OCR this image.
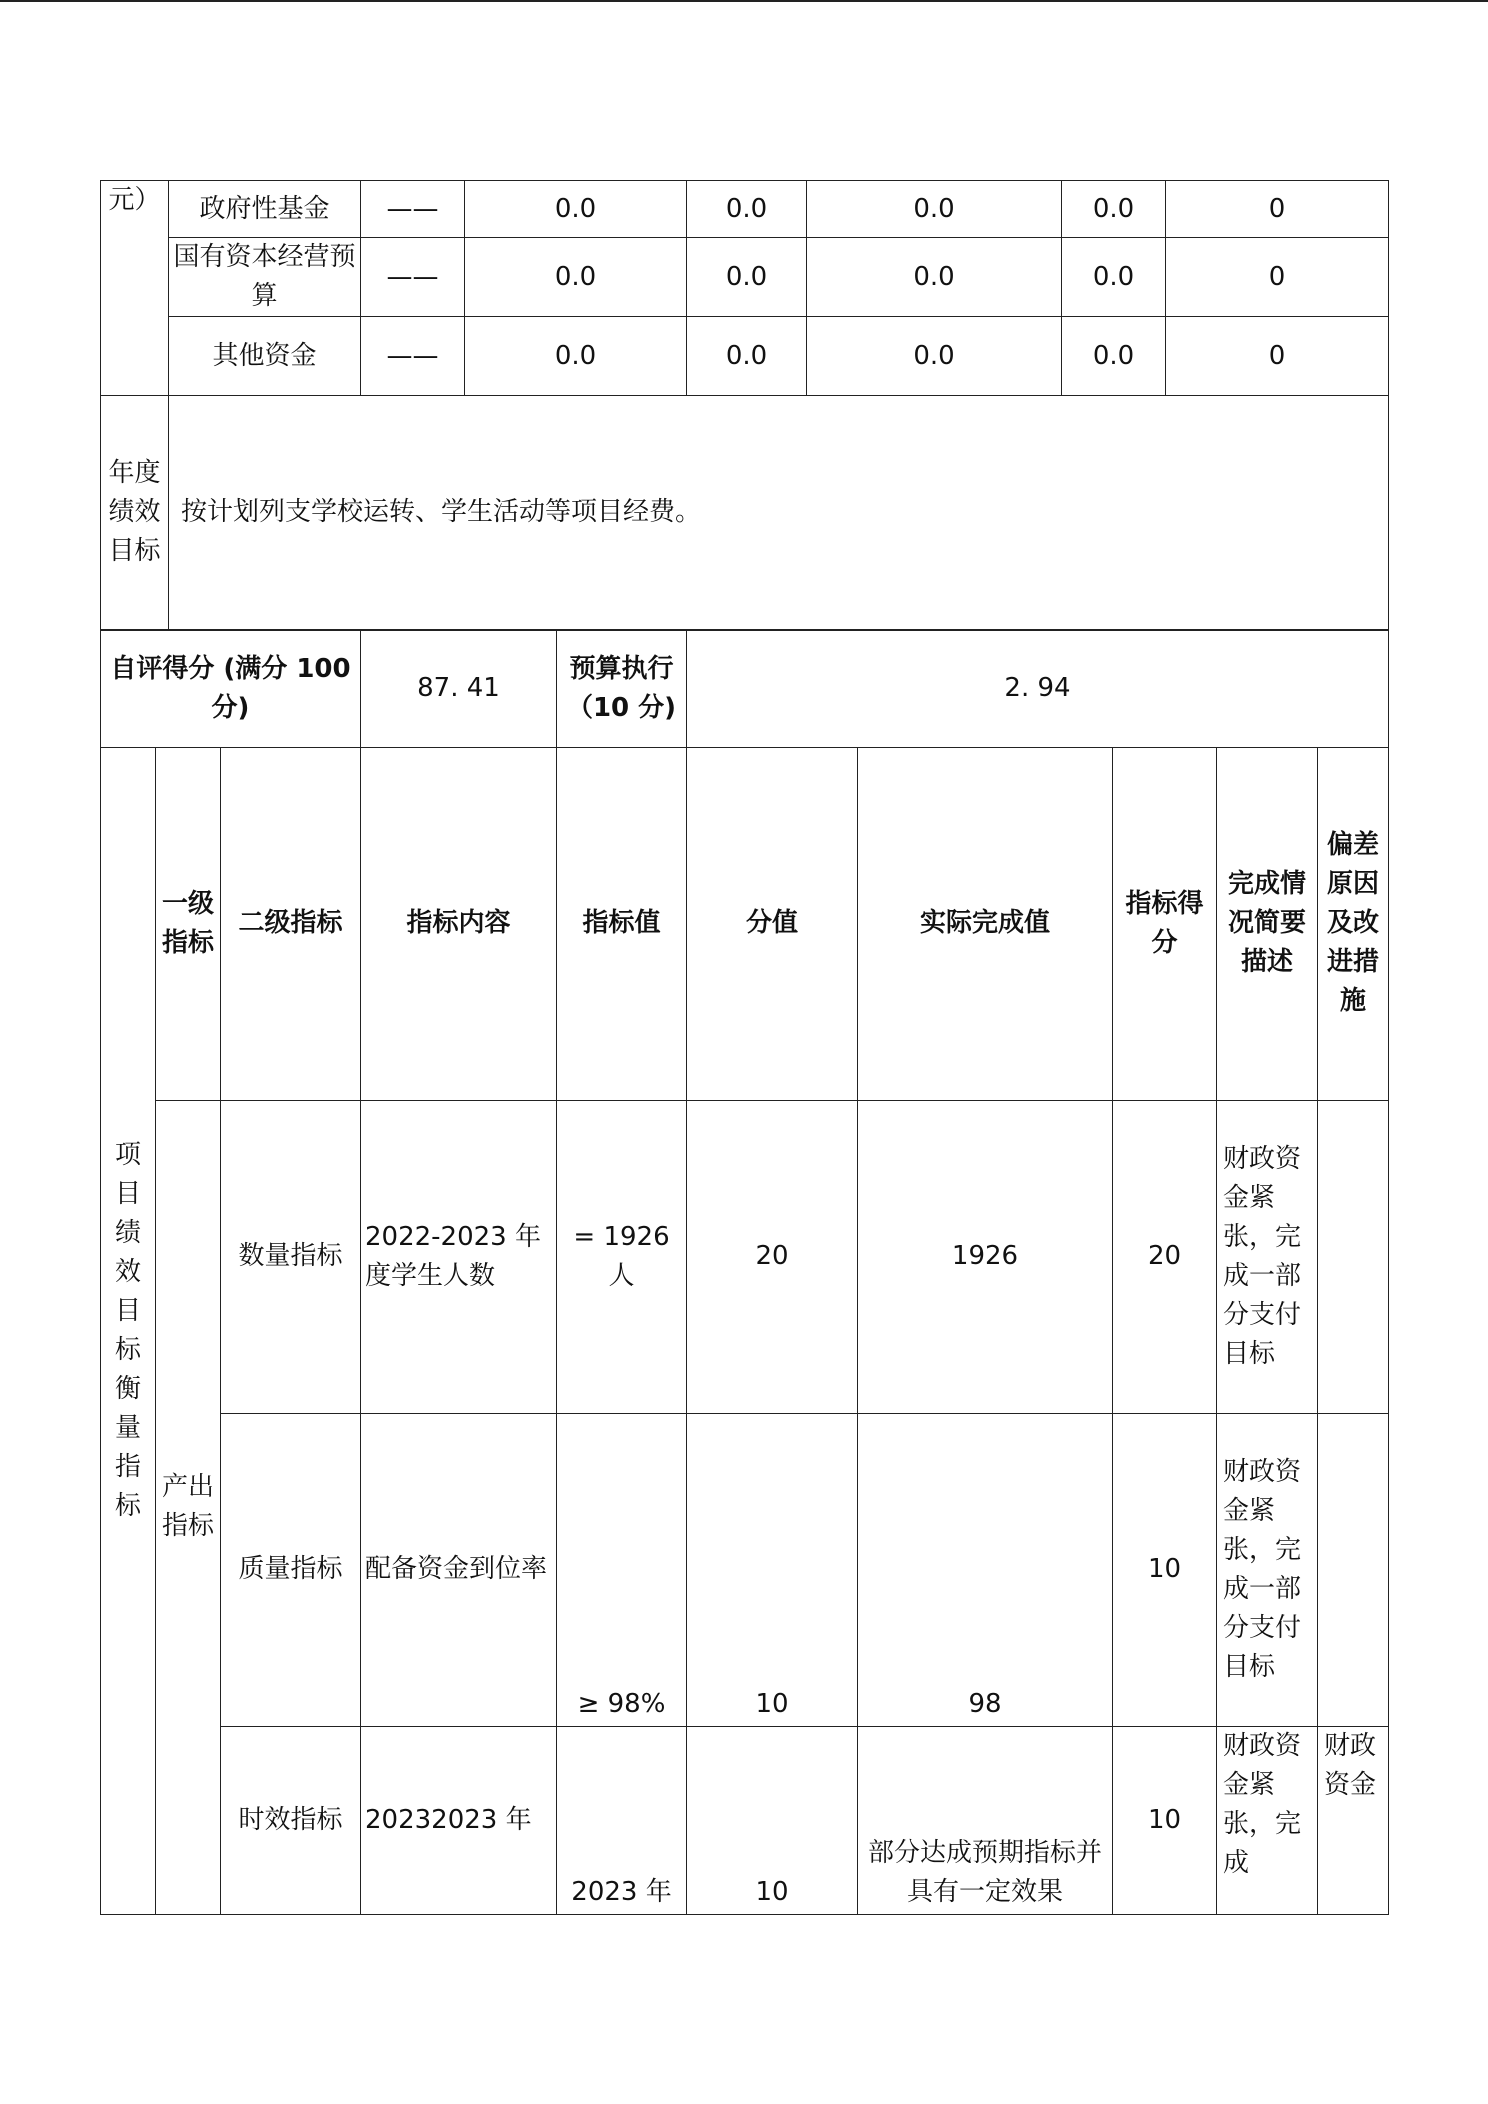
元）	政府性基金	——	0.0	0.0	0.0	0.0	0
	国有资本经营预算	——	0.0	0.0	0.0	0.0	0
	其他资金	——	0.0	0.0	0.0	0.0	0
年度绩效目标	按计划列支学校运转、学生活动等项目经费。
自评得分 (满分 100 分)	87. 41	预算执行（10 分)	2. 94
项目绩效目标衡量指标	一级指标	二级指标	指标内容	指标值	分值	实际完成值	指标得分	完成情况简要描述	偏差原因及改进措施
	产出指标	数量指标	2022-2023 年度学生人数	= 1926 人	20	1926	20	财政资金紧张，完成一部分支付目标	
		质量指标	配备资金到位率	≥ 98%	10	98	10	财政资金紧张，完成一部分支付目标	
		时效指标	20232023 年	2023 年	10	部分达成预期指标并具有一定效果	10	财政资金紧张，完成	财政资金
